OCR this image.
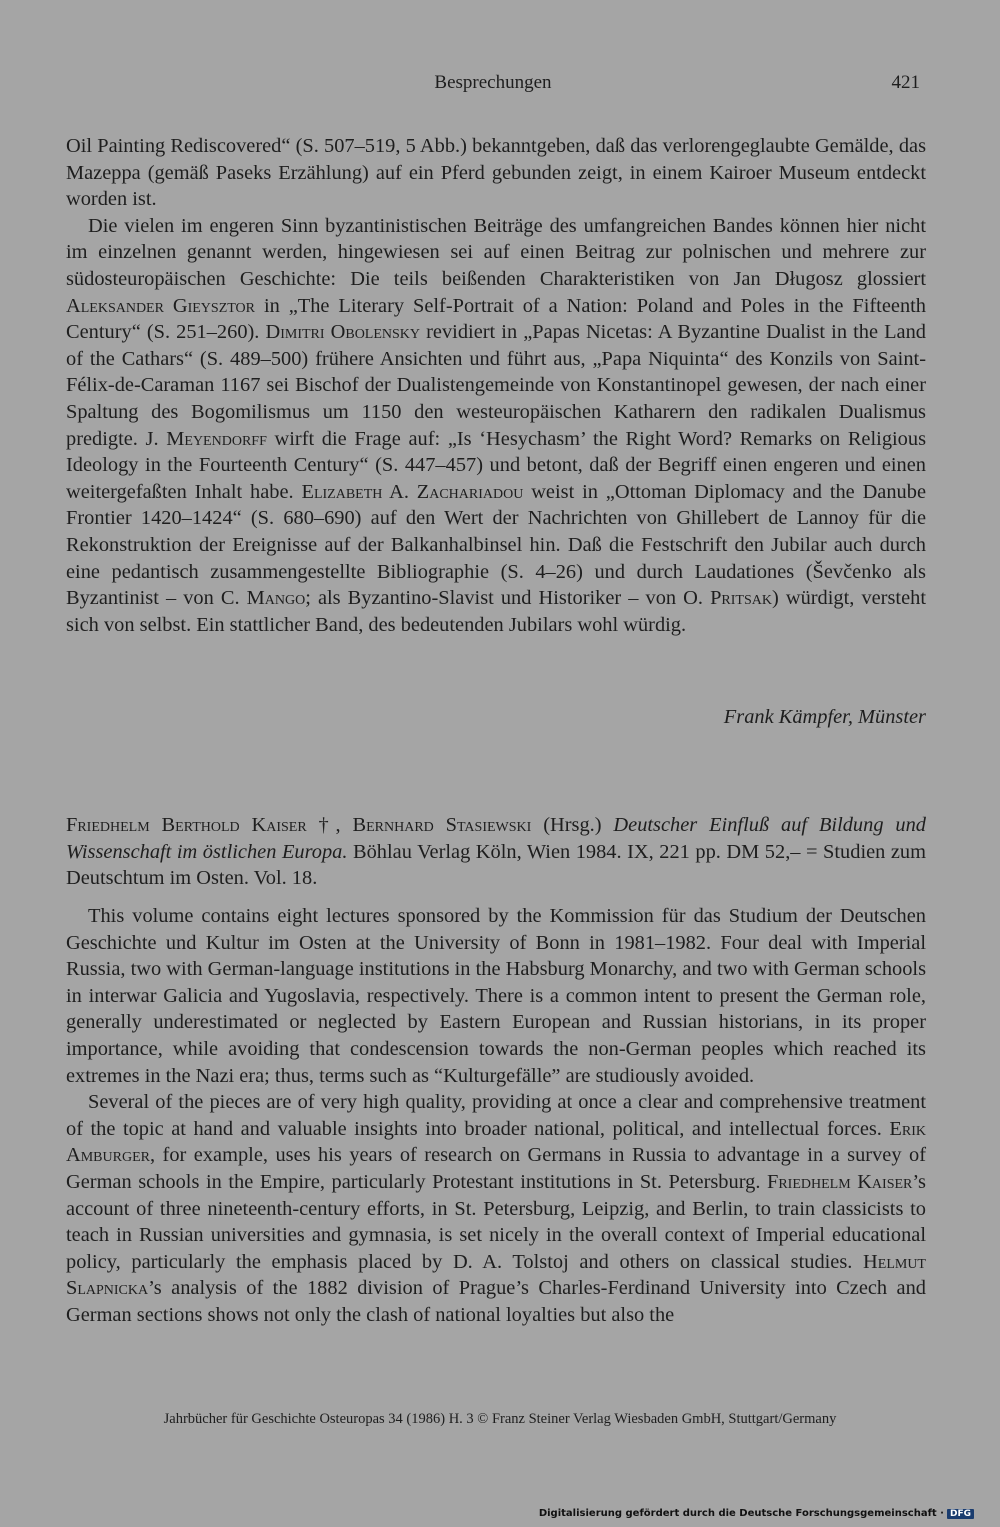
Besprechungen	421

Oil Painting Rediscovered“ (S. 507–519, 5 Abb.) bekanntgeben, daß das verlorengeglaubte Gemälde, das Mazeppa (gemäß Paseks Erzählung) auf ein Pferd gebunden zeigt, in einem Kairoer Museum entdeckt worden ist.

Die vielen im engeren Sinn byzantinistischen Beiträge des umfangreichen Bandes können hier nicht im einzelnen genannt werden, hingewiesen sei auf einen Beitrag zur polnischen und mehrere zur südosteuropäischen Geschichte: Die teils beißenden Charakteristiken von Jan Długosz glossiert Aleksander Gieysztor in „The Literary Self-Portrait of a Nation: Poland and Poles in the Fifteenth Century“ (S. 251–260). Dimitri Obolensky revidiert in „Papas Nicetas: A Byzantine Dualist in the Land of the Cathars“ (S. 489–500) frühere Ansichten und führt aus, „Papa Niquinta“ des Konzils von Saint-Félix-de-Caraman 1167 sei Bischof der Dualistengemeinde von Konstantinopel gewesen, der nach einer Spaltung des Bogomilismus um 1150 den westeuropäischen Katharern den radikalen Dualismus predigte. J. Meyendorff wirft die Frage auf: „Is ‘Hesychasm’ the Right Word? Remarks on Religious Ideology in the Fourteenth Century“ (S. 447–457) und betont, daß der Begriff einen engeren und einen weitergefaßten Inhalt habe. Elizabeth A. Zachariadou weist in „Ottoman Diplomacy and the Danube Frontier 1420–1424“ (S. 680–690) auf den Wert der Nachrichten von Ghillebert de Lannoy für die Rekonstruktion der Ereignisse auf der Balkanhalbinsel hin. Daß die Festschrift den Jubilar auch durch eine pedantisch zusammengestellte Bibliographie (S. 4–26) und durch Laudationes (Ševčenko als Byzantinist – von C. Mango; als Byzantino-Slavist und Historiker – von O. Pritsak) würdigt, versteht sich von selbst. Ein stattlicher Band, des bedeutenden Jubilars wohl würdig.

Frank Kämpfer, Münster
Friedhelm Berthold Kaiser †, Bernhard Stasiewski (Hrsg.) Deutscher Einfluß auf Bildung und Wissenschaft im östlichen Europa. Böhlau Verlag Köln, Wien 1984. IX, 221 pp. DM 52,– = Studien zum Deutschtum im Osten. Vol. 18.

This volume contains eight lectures sponsored by the Kommission für das Studium der Deutschen Geschichte und Kultur im Osten at the University of Bonn in 1981–1982. Four deal with Imperial Russia, two with German-language institutions in the Habsburg Monarchy, and two with German schools in interwar Galicia and Yugoslavia, respectively. There is a common intent to present the German role, generally underestimated or neglected by Eastern European and Russian historians, in its proper importance, while avoiding that condescension towards the non-German peoples which reached its extremes in the Nazi era; thus, terms such as “Kulturgefälle” are studiously avoided.

Several of the pieces are of very high quality, providing at once a clear and comprehensive treatment of the topic at hand and valuable insights into broader national, political, and intellectual forces. Erik Amburger, for example, uses his years of research on Germans in Russia to advantage in a survey of German schools in the Empire, particularly Protestant institutions in St. Petersburg. Friedhelm Kaiser’s account of three nineteenth-century efforts, in St. Petersburg, Leipzig, and Berlin, to train classicists to teach in Russian universities and gymnasia, is set nicely in the overall context of Imperial educational policy, particularly the emphasis placed by D. A. Tolstoj and others on classical studies. Helmut Slapnicka’s analysis of the 1882 division of Prague’s Charles-Ferdinand University into Czech and German sections shows not only the clash of national loyalties but also the

Jahrbücher für Geschichte Osteuropas 34 (1986) H. 3 © Franz Steiner Verlag Wiesbaden GmbH, Stuttgart/Germany
Digitalisierung gefördert durch die Deutsche Forschungsgemeinschaft · DFG
